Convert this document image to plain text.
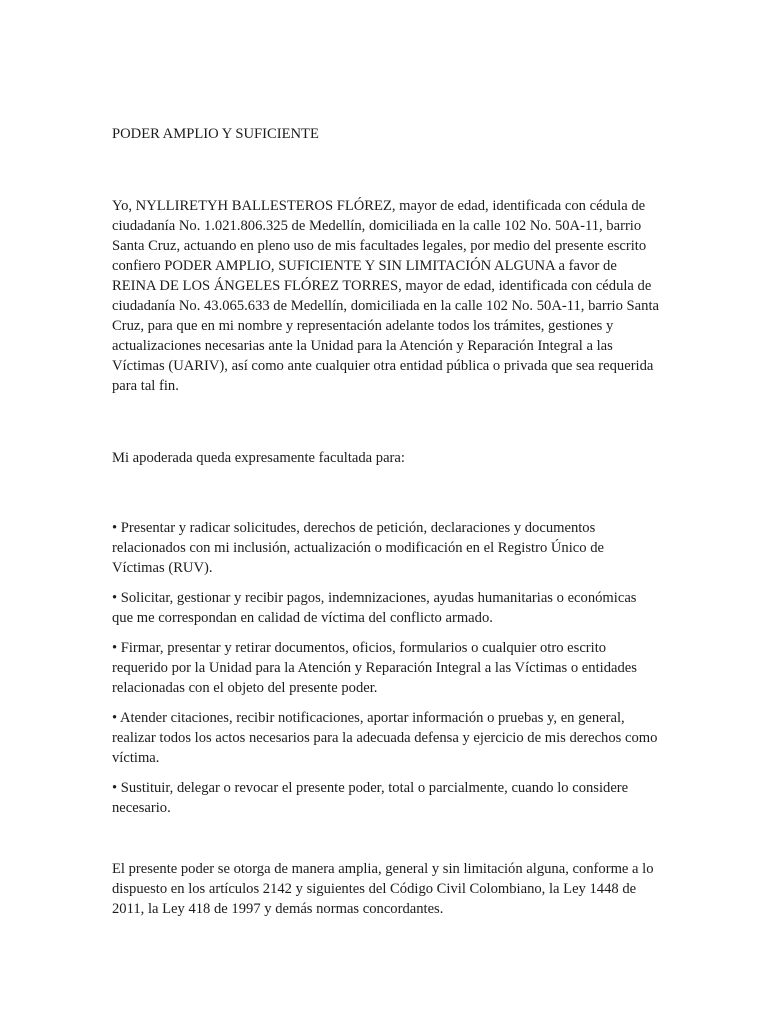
PODER AMPLIO Y SUFICIENTE

Yo, NYLLIRETYH BALLESTEROS FLÓREZ, mayor de edad, identificada con cédula de ciudadanía No. 1.021.806.325 de Medellín, domiciliada en la calle 102 No. 50A-11, barrio Santa Cruz, actuando en pleno uso de mis facultades legales, por medio del presente escrito confiero PODER AMPLIO, SUFICIENTE Y SIN LIMITACIÓN ALGUNA a favor de REINA DE LOS ÁNGELES FLÓREZ TORRES, mayor de edad, identificada con cédula de ciudadanía No. 43.065.633 de Medellín, domiciliada en la calle 102 No. 50A-11, barrio Santa Cruz, para que en mi nombre y representación adelante todos los trámites, gestiones y actualizaciones necesarias ante la Unidad para la Atención y Reparación Integral a las Víctimas (UARIV), así como ante cualquier otra entidad pública o privada que sea requerida para tal fin.

Mi apoderada queda expresamente facultada para:

• Presentar y radicar solicitudes, derechos de petición, declaraciones y documentos relacionados con mi inclusión, actualización o modificación en el Registro Único de Víctimas (RUV).
• Solicitar, gestionar y recibir pagos, indemnizaciones, ayudas humanitarias o económicas que me correspondan en calidad de víctima del conflicto armado.
• Firmar, presentar y retirar documentos, oficios, formularios o cualquier otro escrito requerido por la Unidad para la Atención y Reparación Integral a las Víctimas o entidades relacionadas con el objeto del presente poder.
• Atender citaciones, recibir notificaciones, aportar información o pruebas y, en general, realizar todos los actos necesarios para la adecuada defensa y ejercicio de mis derechos como víctima.
• Sustituir, delegar o revocar el presente poder, total o parcialmente, cuando lo considere necesario.

El presente poder se otorga de manera amplia, general y sin limitación alguna, conforme a lo dispuesto en los artículos 2142 y siguientes del Código Civil Colombiano, la Ley 1448 de 2011, la Ley 418 de 1997 y demás normas concordantes.
